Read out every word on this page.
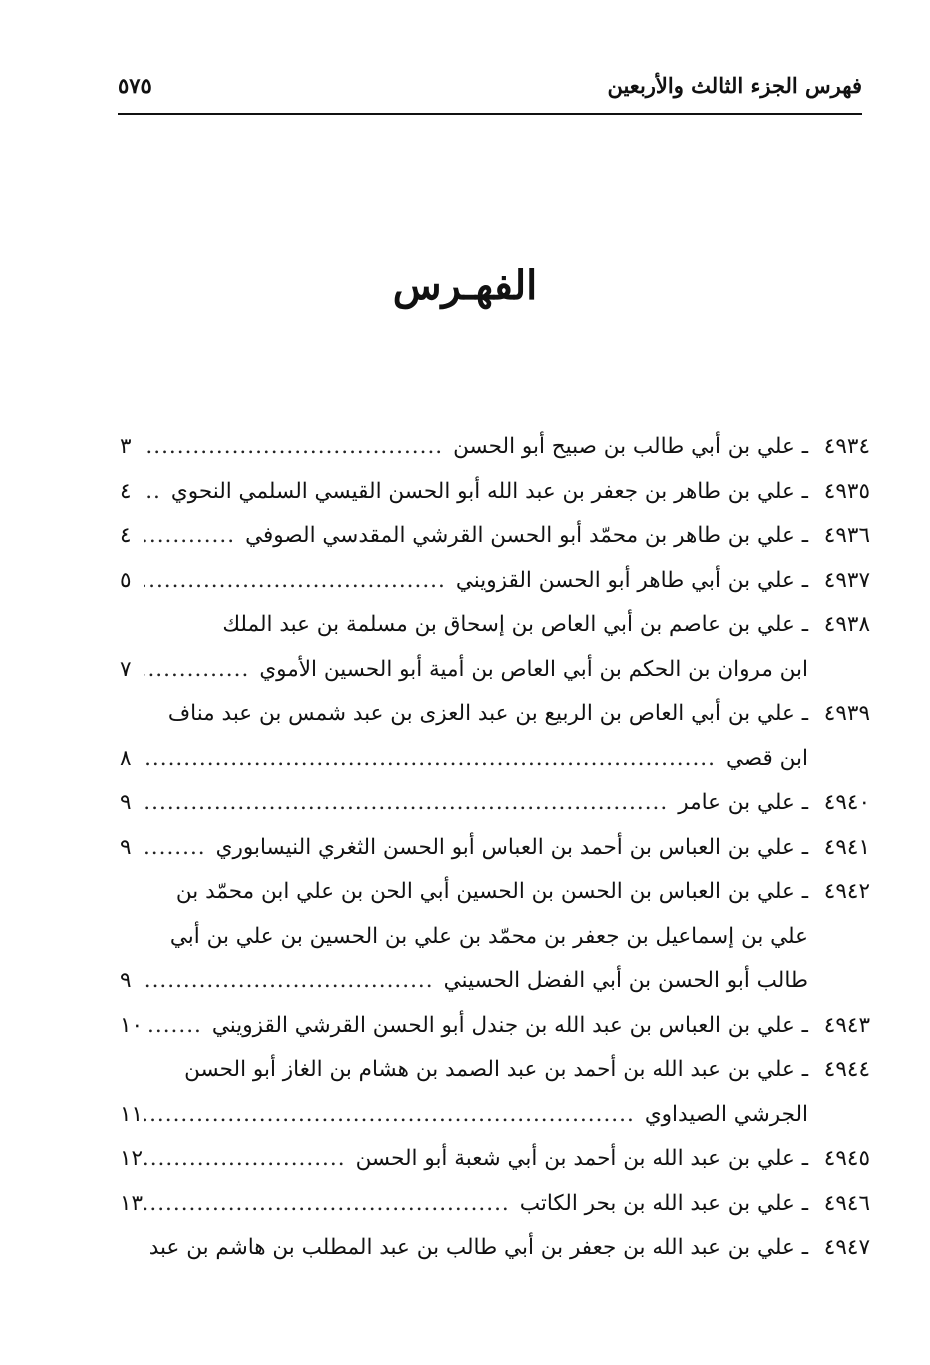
فهرس الجزء الثالث والأربعين
٥٧٥
الفهـرس
٤٩٣٤
ـ علي بن أبي طالب بن صبيح أبو الحسن
.....
٣
٤٩٣٥
ـ علي بن طاهر بن جعفر بن عبد الله أبو الحسن القيسي السلمي النحوي
.....
٤
٤٩٣٦
ـ علي بن طاهر بن محمّد أبو الحسن القرشي المقدسي الصوفي
.....
٤
٤٩٣٧
ـ علي بن أبي طاهر أبو الحسن القزويني
.....
٥
٤٩٣٨
ـ علي بن عاصم بن أبي العاص بن إسحاق بن مسلمة بن عبد الملك
ابن مروان بن الحكم بن أبي العاص بن أمية أبو الحسين الأموي
.....
٧
٤٩٣٩
ـ علي بن أبي العاص بن الربيع بن عبد العزى بن عبد شمس بن عبد مناف
ابن قصي
.....
٨
٤٩٤٠
ـ علي بن عامر
.....
٩
٤٩٤١
ـ علي بن العباس بن أحمد بن العباس أبو الحسن الثغري النيسابوري
.....
٩
٤٩٤٢
ـ علي بن العباس بن الحسن بن الحسين أبي الحن بن علي ابن محمّد بن
علي بن إسماعيل بن جعفر بن محمّد بن علي بن الحسين بن علي بن أبي
طالب أبو الحسن بن أبي الفضل الحسيني
.....
٩
٤٩٤٣
ـ علي بن العباس بن عبد الله بن جندل أبو الحسن القرشي القزويني
.....
١٠
٤٩٤٤
ـ علي بن عبد الله بن أحمد بن عبد الصمد بن هشام بن الغاز أبو الحسن
الجرشي الصيداوي
.....
١١
٤٩٤٥
ـ علي بن عبد الله بن أحمد بن أبي شعبة أبو الحسن
.....
١٢
٤٩٤٦
ـ علي بن عبد الله بن بحر الكاتب
.....
١٣
٤٩٤٧
ـ علي بن عبد الله بن جعفر بن أبي طالب بن عبد المطلب بن هاشم بن عبد
